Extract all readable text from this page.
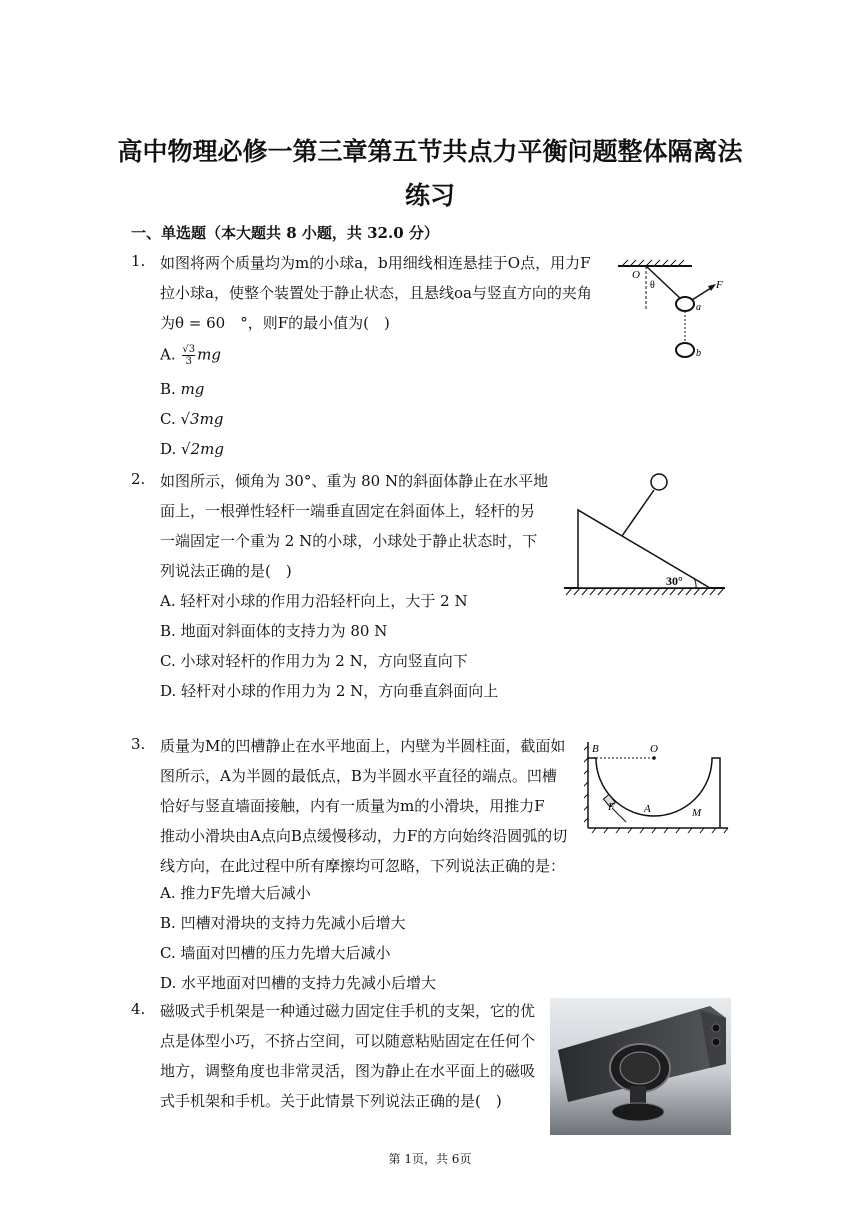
高中物理必修一第三章第五节共点力平衡问题整体隔离法
练习
一、单选题（本大题共 8 小题，共 32.0 分）
1. 如图将两个质量均为m的小球a，b用细线相连悬挂于O点，用力F
拉小球a，使整个装置处于静止状态，且悬线oa与竖直方向的夹角
为θ = 60　°，则F的最小值为(　)
A. $\frac{√3}{3}$ mg
B. mg
C. √3mg
D. √2mg
O
θ	F
a
b
2. 如图所示，倾角为 30°、重为 80 N的斜面体静止在水平地
面上，一根弹性轻杆一端垂直固定在斜面体上，轻杆的另
一端固定一个重为 2 N的小球，小球处于静止状态时，下
列说法正确的是(　)
A. 轻杆对小球的作用力沿轻杆向上，大于 2 N
B. 地面对斜面体的支持力为 80 N
C. 小球对轻杆的作用力为 2 N，方向竖直向下
D. 轻杆对小球的作用力为 2 N，方向垂直斜面向上
30°
3. 质量为M的凹槽静止在水平地面上，内壁为半圆柱面，截面如
图所示，A为半圆的最低点，B为半圆水平直径的端点。凹槽
恰好与竖直墙面接触，内有一质量为m的小滑块，用推力F
推动小滑块由A点向B点缓慢移动，力F的方向始终沿圆弧的切
线方向，在此过程中所有摩擦均可忽略，下列说法正确的是：
A. 推力F先增大后减小
B. 凹槽对滑块的支持力先减小后增大
C. 墙面对凹槽的压力先增大后减小
D. 水平地面对凹槽的支持力先减小后增大
B	O
F	A	M
4. 磁吸式手机架是一种通过磁力固定住手机的支架，它的优
点是体型小巧，不挤占空间，可以随意粘贴固定在任何个
地方，调整角度也非常灵活，图为静止在水平面上的磁吸
式手机架和手机。关于此情景下列说法正确的是(　)
第 1页，共 6页
